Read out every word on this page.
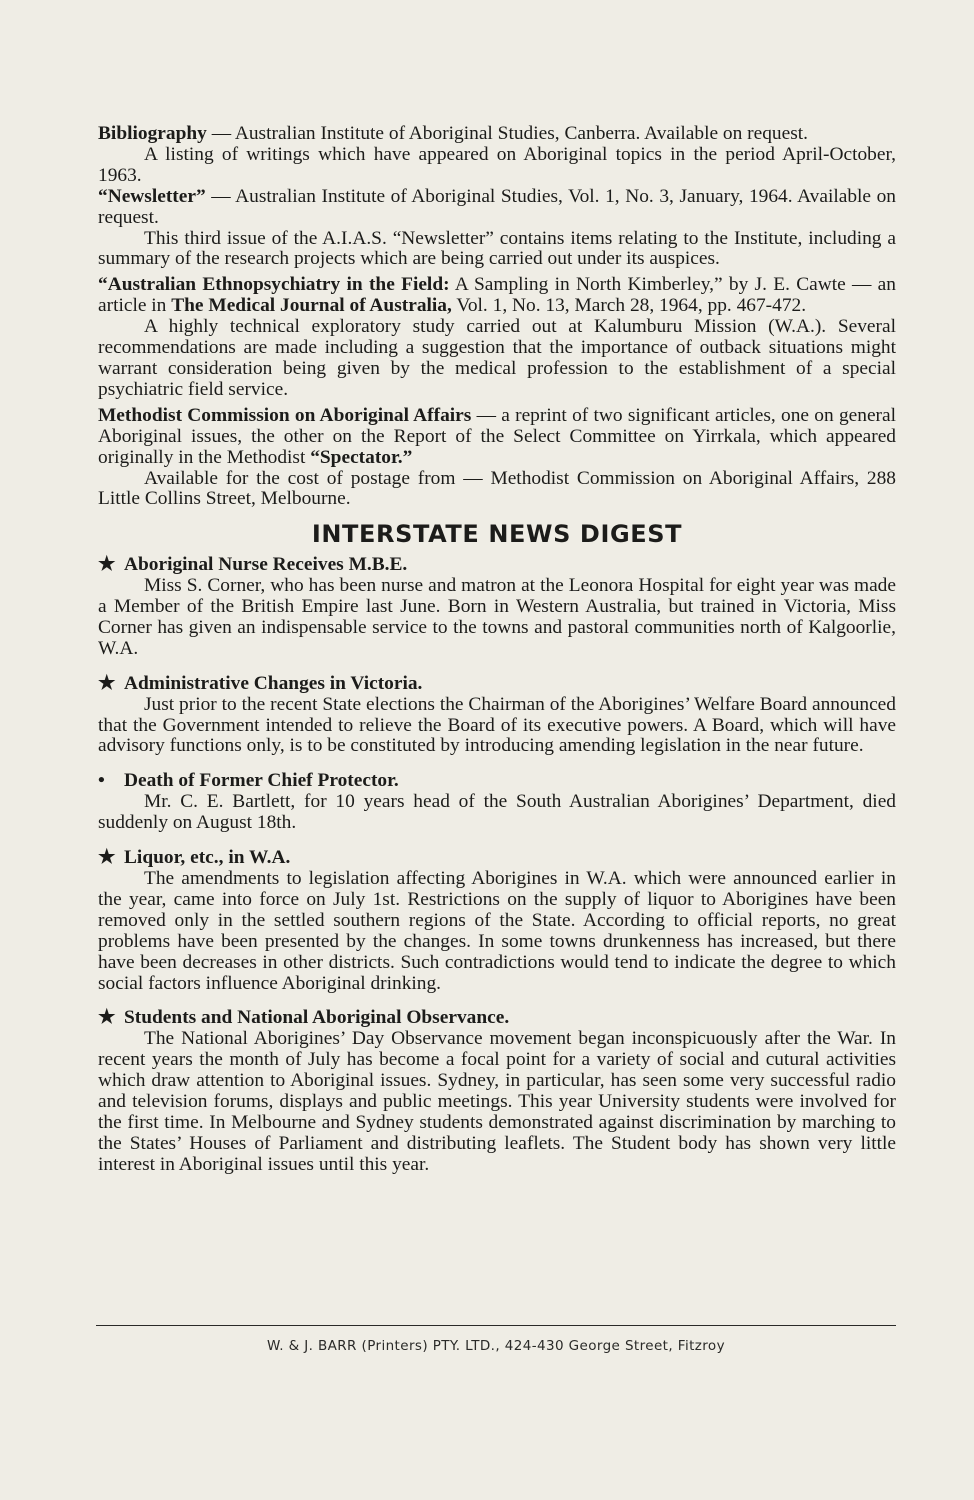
Bibliography — Australian Institute of Aboriginal Studies, Canberra. Available on request.

A listing of writings which have appeared on Aboriginal topics in the period April-October, 1963.

“Newsletter” — Australian Institute of Aboriginal Studies, Vol. 1, No. 3, January, 1964. Available on request.

This third issue of the A.I.A.S. “Newsletter” contains items relating to the Institute, including a summary of the research projects which are being carried out under its auspices.

“Australian Ethnopsychiatry in the Field: A Sampling in North Kimberley,” by J. E. Cawte — an article in The Medical Journal of Australia, Vol. 1, No. 13, March 28, 1964, pp. 467-472.

A highly technical exploratory study carried out at Kalumburu Mission (W.A.). Several recommendations are made including a suggestion that the importance of outback situations might warrant consideration being given by the medical profession to the establishment of a special psychiatric field service.

Methodist Commission on Aboriginal Affairs — a reprint of two significant articles, one on general Aboriginal issues, the other on the Report of the Select Committee on Yirrkala, which appeared originally in the Methodist “Spectator.”

Available for the cost of postage from — Methodist Commission on Aboriginal Affairs, 288 Little Collins Street, Melbourne.

INTERSTATE NEWS DIGEST

★ Aboriginal Nurse Receives M.B.E.

Miss S. Corner, who has been nurse and matron at the Leonora Hospital for eight year was made a Member of the British Empire last June. Born in Western Australia, but trained in Victoria, Miss Corner has given an indispensable service to the towns and pastoral communities north of Kalgoorlie, W.A.

★ Administrative Changes in Victoria.

Just prior to the recent State elections the Chairman of the Aborigines’ Welfare Board announced that the Government intended to relieve the Board of its executive powers. A Board, which will have advisory functions only, is to be constituted by introducing amending legislation in the near future.

• Death of Former Chief Protector.

Mr. C. E. Bartlett, for 10 years head of the South Australian Aborigines’ Department, died suddenly on August 18th.

★ Liquor, etc., in W.A.

The amendments to legislation affecting Aborigines in W.A. which were announced earlier in the year, came into force on July 1st. Restrictions on the supply of liquor to Aborigines have been removed only in the settled southern regions of the State. According to official reports, no great problems have been presented by the changes. In some towns drunkenness has increased, but there have been decreases in other districts. Such contradictions would tend to indicate the degree to which social factors influence Aboriginal drinking.

★ Students and National Aboriginal Observance.

The National Aborigines’ Day Observance movement began inconspicuously after the War. In recent years the month of July has become a focal point for a variety of social and cutural activities which draw attention to Aboriginal issues. Sydney, in particular, has seen some very successful radio and television forums, displays and public meetings. This year University students were involved for the first time. In Melbourne and Sydney students demonstrated against discrimination by marching to the States’ Houses of Parliament and distributing leaflets. The Student body has shown very little interest in Aboriginal issues until this year.

W. & J. BARR (Printers) PTY. LTD., 424-430 George Street, Fitzroy
